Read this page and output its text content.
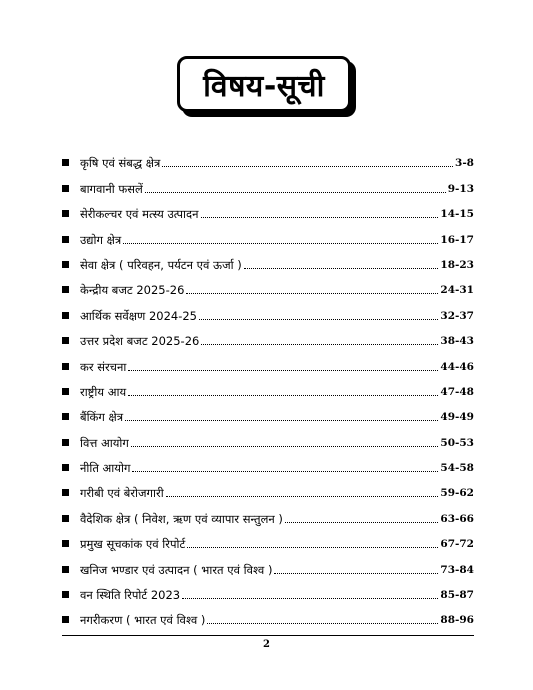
विषय-सूची
कृषि एवं संबद्ध क्षेत्र	3-8
बागवानी फसलें	9-13
सेरीकल्चर एवं मत्स्य उत्पादन	14-15
उद्योग क्षेत्र	16-17
सेवा क्षेत्र ( परिवहन, पर्यटन एवं ऊर्जा )	18-23
केन्द्रीय बजट 2025-26	24-31
आर्थिक सर्वेक्षण 2024-25	32-37
उत्तर प्रदेश बजट 2025-26	38-43
कर संरचना	44-46
राष्ट्रीय आय	47-48
बैंकिंग क्षेत्र	49-49
वित्त आयोग	50-53
नीति आयोग	54-58
गरीबी एवं बेरोजगारी	59-62
वैदेशिक क्षेत्र ( निवेश, ऋण एवं व्यापार सन्तुलन )	63-66
प्रमुख सूचकांक एवं रिपोर्ट	67-72
खनिज भण्डार एवं उत्पादन ( भारत एवं विश्व )	73-84
वन स्थिति रिपोर्ट 2023	85-87
नगरीकरण ( भारत एवं विश्व )	88-96
2
